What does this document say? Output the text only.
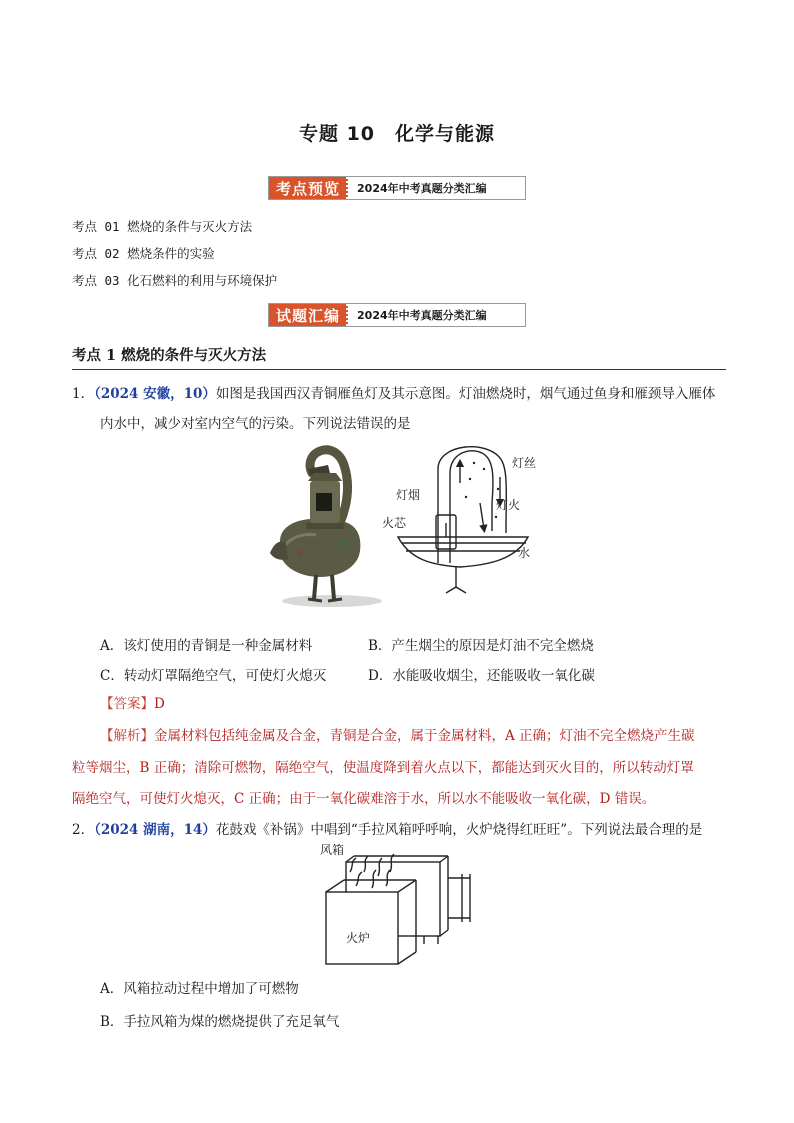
专题 10　化学与能源
考点预览	2024年中考真题分类汇编
考点 01 燃烧的条件与灭火方法
考点 02 燃烧条件的实验
考点 03 化石燃料的利用与环境保护
试题汇编	2024年中考真题分类汇编
考点 1 燃烧的条件与灭火方法
1．（2024 安徽，10）如图是我国西汉青铜雁鱼灯及其示意图。灯油燃烧时，烟气通过鱼身和雁颈导入雁体
内水中，减少对室内空气的污染。下列说法错误的是
灯丝
灯烟
灯火
火芯
水
A．该灯使用的青铜是一种金属材料	B．产生烟尘的原因是灯油不完全燃烧
C．转动灯罩隔绝空气，可使灯火熄灭	D．水能吸收烟尘，还能吸收一氧化碳
【答案】D
【解析】金属材料包括纯金属及合金，青铜是合金，属于金属材料，A 正确；灯油不完全燃烧产生碳
粒等烟尘，B 正确；清除可燃物，隔绝空气，使温度降到着火点以下，都能达到灭火目的，所以转动灯罩
隔绝空气，可使灯火熄灭，C 正确；由于一氧化碳难溶于水，所以水不能吸收一氧化碳，D 错误。
2．（2024 湖南，14）花鼓戏《补锅》中唱到“手拉风箱呼呼响，火炉烧得红旺旺”。下列说法最合理的是
风箱
火炉
A．风箱拉动过程中增加了可燃物
B．手拉风箱为煤的燃烧提供了充足氧气
